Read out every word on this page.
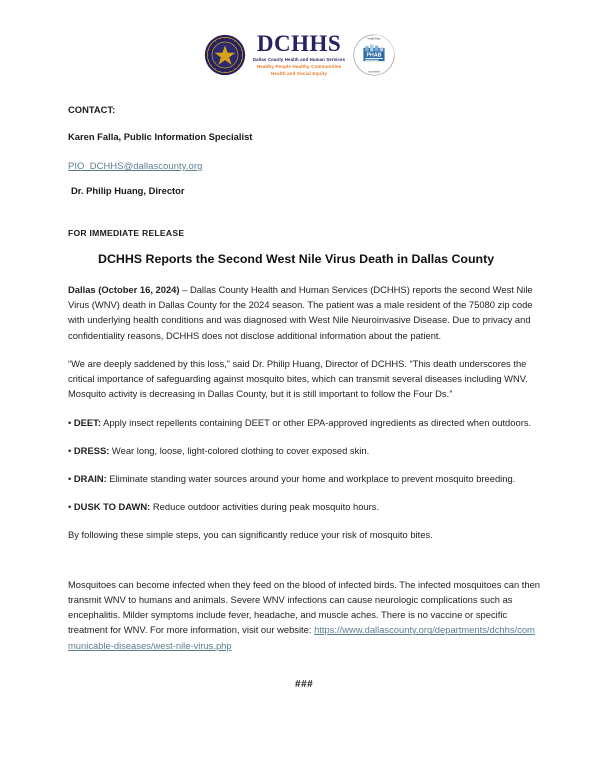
DCHHS
Dallas County Health and Human Services
Healthy People Healthy Communities
Health and Social Equity
PHAB
Health Dept
Accredited
CONTACT:
Karen Falla, Public Information Specialist
PIO_DCHHS@dallascounty.org
Dr. Philip Huang, Director
FOR IMMEDIATE RELEASE
DCHHS Reports the Second West Nile Virus Death in Dallas County

Dallas (October 16, 2024) – Dallas County Health and Human Services (DCHHS) reports the second West Nile Virus (WNV) death in Dallas County for the 2024 season. The patient was a male resident of the 75080 zip code with underlying health conditions and was diagnosed with West Nile Neuroinvasive Disease. Due to privacy and confidentiality reasons, DCHHS does not disclose additional information about the patient.

“We are deeply saddened by this loss,” said Dr. Philip Huang, Director of DCHHS. “This death underscores the critical importance of safeguarding against mosquito bites, which can transmit several diseases including WNV. Mosquito activity is decreasing in Dallas County, but it is still important to follow the Four Ds.”

• DEET: Apply insect repellents containing DEET or other EPA-approved ingredients as directed when outdoors.

• DRESS: Wear long, loose, light-colored clothing to cover exposed skin.

• DRAIN: Eliminate standing water sources around your home and workplace to prevent mosquito breeding.

• DUSK TO DAWN: Reduce outdoor activities during peak mosquito hours.

By following these simple steps, you can significantly reduce your risk of mosquito bites.

Mosquitoes can become infected when they feed on the blood of infected birds. The infected mosquitoes can then transmit WNV to humans and animals. Severe WNV infections can cause neurologic complications such as encephalitis. Milder symptoms include fever, headache, and muscle aches. There is no vaccine or specific treatment for WNV. For more information, visit our website: https://www.dallascounty.org/departments/dchhs/communicable-diseases/west-nile-virus.php

###
